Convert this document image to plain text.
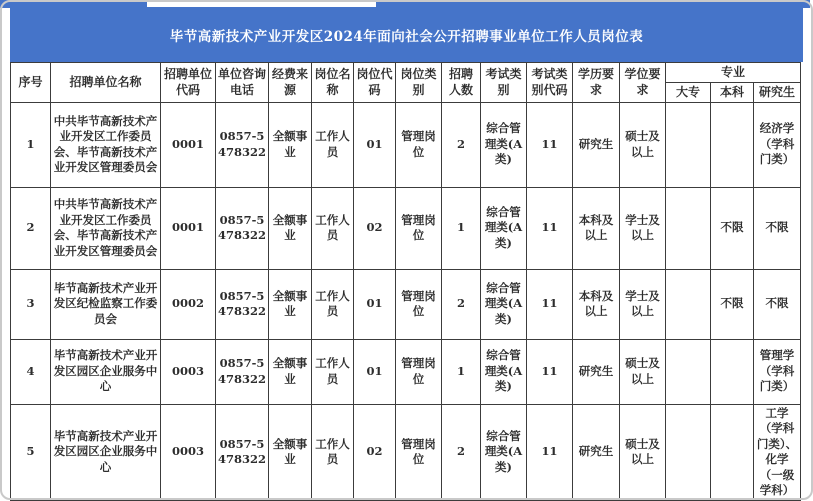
毕节高新技术产业开发区2024年面向社会公开招聘事业单位工作人员岗位表
序号	招聘单位名称	招聘单位代码	单位咨询电话	经费来源	岗位名称	岗位代码	岗位类别	招聘人数	考试类别	考试类别代码	学历要求	学位要求	专业		
													大专	本科	研究生
1	中共毕节高新技术产业开发区工作委员会、毕节高新技术产业开发区管理委员会	0001	0857-5478322	全额事业	工作人员	01	管理岗位	2	综合管理类(A类)	11	研究生	硕士及以上			经济学（学科门类）
2	中共毕节高新技术产业开发区工作委员会、毕节高新技术产业开发区管理委员会	0001	0857-5478322	全额事业	工作人员	02	管理岗位	1	综合管理类(A类)	11	本科及以上	学士及以上		不限	不限
3	毕节高新技术产业开发区纪检监察工作委员会	0002	0857-5478322	全额事业	工作人员	01	管理岗位	2	综合管理类(A类)	11	本科及以上	学士及以上		不限	不限
4	毕节高新技术产业开发区园区企业服务中心	0003	0857-5478322	全额事业	工作人员	01	管理岗位	1	综合管理类(A类)	11	研究生	硕士及以上			管理学（学科门类）
5	毕节高新技术产业开发区园区企业服务中心	0003	0857-5478322	全额事业	工作人员	02	管理岗位	2	综合管理类(A类)	11	研究生	硕士及以上			工学（学科门类）、化学（一级学科）
